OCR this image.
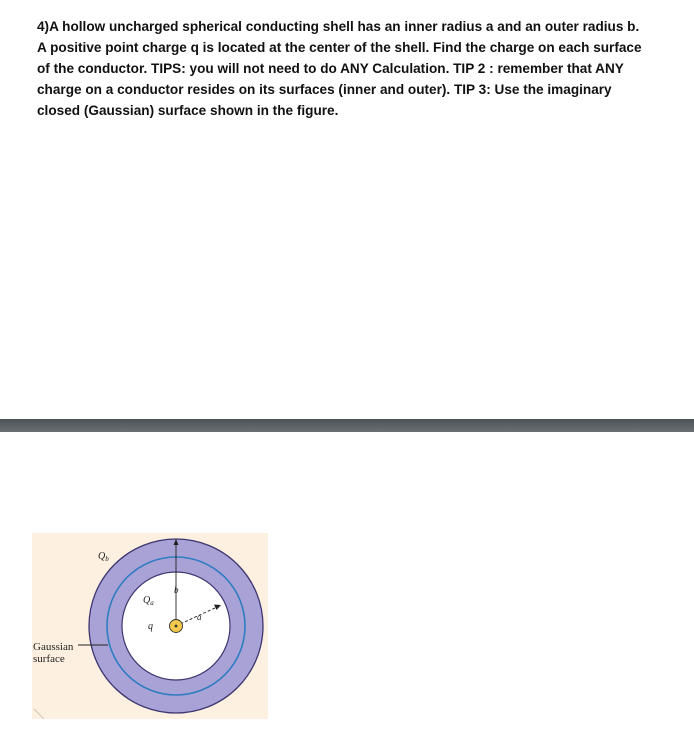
4)A hollow uncharged spherical conducting shell has an inner radius a and an outer radius b.
A positive point charge q is located at the center of the shell. Find the charge on each surface
of the conductor. TIPS: you will not need to do ANY Calculation. TIP 2 : remember that ANY
charge on a conductor resides on its surfaces (inner and outer). TIP 3: Use the imaginary
closed (Gaussian) surface shown in the figure.
Gaussian
surface
$Q_b$
$Q_a$
b
q
a
